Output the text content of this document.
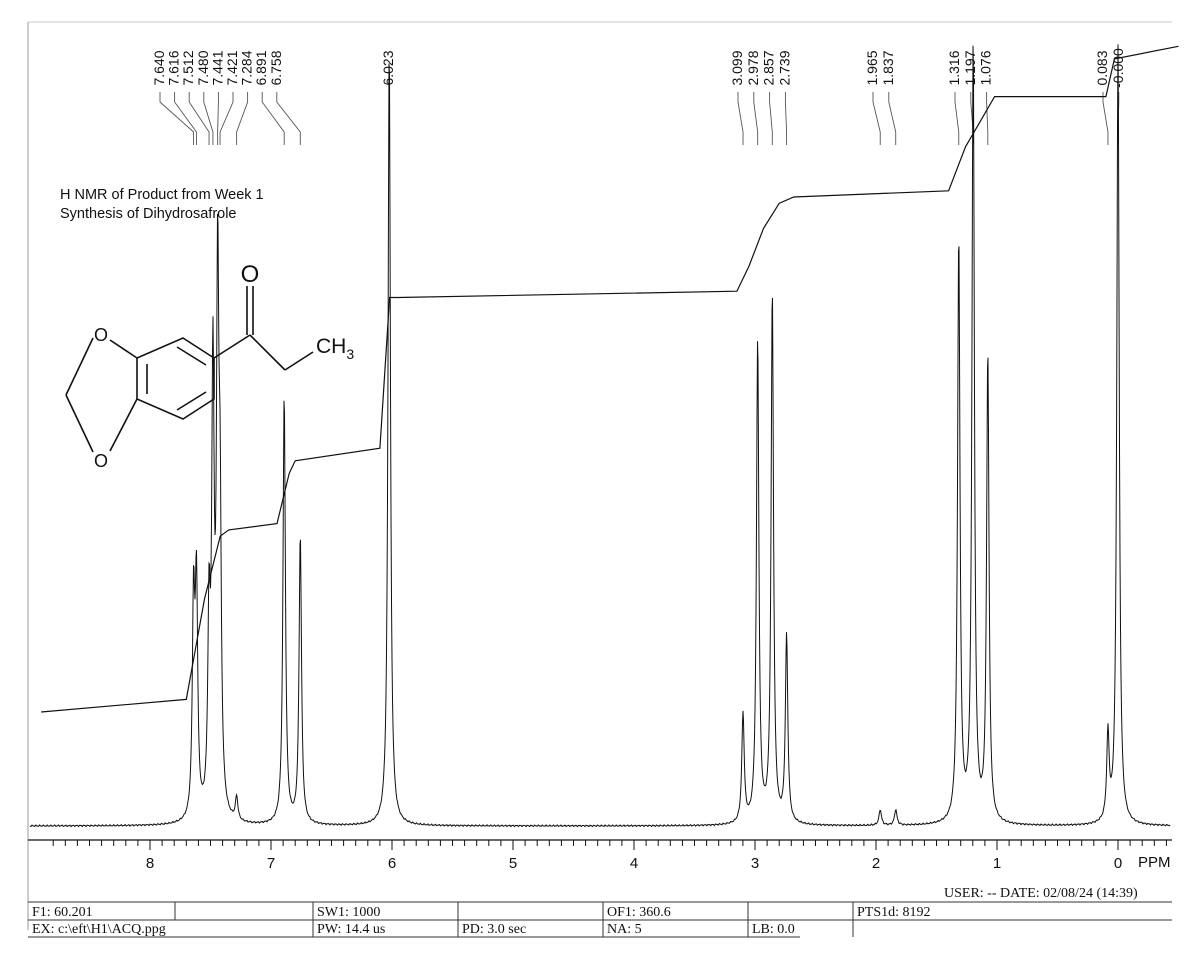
H NMR of Product from Week 1
Synthesis of Dihydrosafrole
O
O
O
$CH_3$
PPM
8	7	6	5	4	3	2	1	0
7.640
7.616
7.512
7.480
7.441
7.421
7.284
6.891
6.758	6.023	3.099 2.978 2.857 2.739	1.965 1.837	1.316 1.197 1.076	0.083 -0.000
USER: -- DATE: 02/08/24 (14:39)
F1: 60.201
EX: c:\eft\H1\ACQ.ppg
SW1: 1000
PW: 14.4 us	PD: 3.0 sec
OF1: 360.6
NA: 5	LB: 0.0
PTS1d: 8192
